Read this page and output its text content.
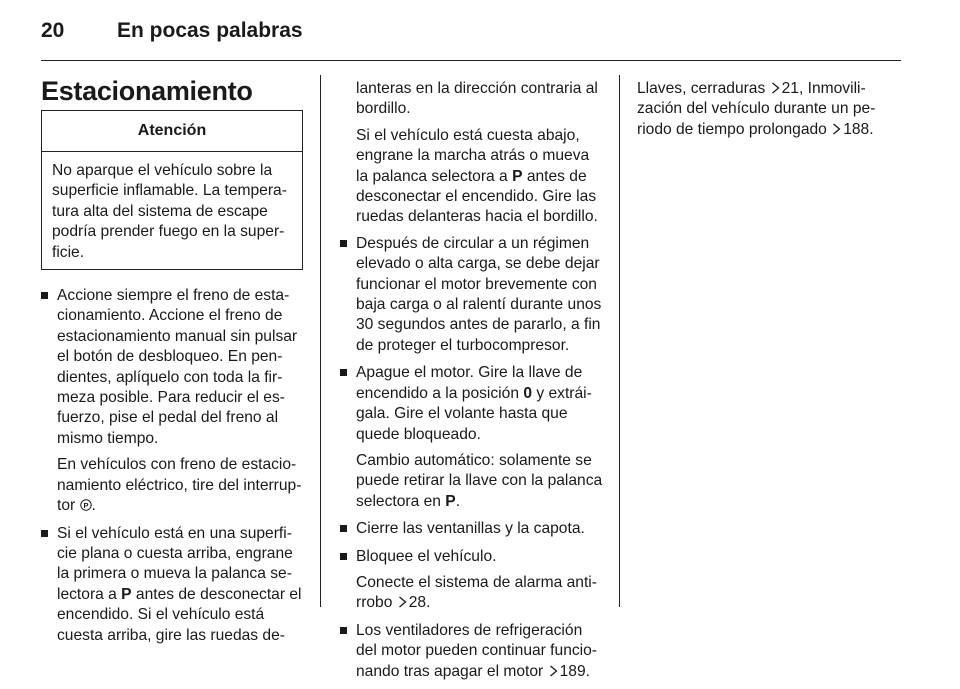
20	En pocas palabras
Estacionamiento
Atención

No aparque el vehículo sobre la superficie inflamable. La tempera-tura alta del sistema de escape podría prender fuego en la super-ficie.

Accione siempre el freno de esta-cionamiento. Accione el freno de estacionamiento manual sin pulsar el botón de desbloqueo. En pen-dientes, aplíquelo con toda la fir-meza posible. Para reducir el es-fuerzo, pise el pedal del freno al mismo tiempo.

En vehículos con freno de estacio-namiento eléctrico, tire del interrup-tor P .

Si el vehículo está en una superfi-cie plana o cuesta arriba, engrane la primera o mueva la palanca se-lectora a P antes de desconectar el encendido. Si el vehículo está cuesta arriba, gire las ruedas de-

lanteras en la dirección contraria al bordillo.

Si el vehículo está cuesta abajo, engrane la marcha atrás o mueva la palanca selectora a P antes de desconectar el encendido. Gire las ruedas delanteras hacia el bordillo.

Después de circular a un régimen elevado o alta carga, se debe dejar funcionar el motor brevemente con baja carga o al ralentí durante unos 30 segundos antes de pararlo, a fin de proteger el turbocompresor.

Apague el motor. Gire la llave de encendido a la posición 0 y extrái-gala. Gire el volante hasta que quede bloqueado.

Cambio automático: solamente se puede retirar la llave con la palanca selectora en P.

Cierre las ventanillas y la capota.

Bloquee el vehículo.

Conecte el sistema de alarma anti-rrobo 28.

Los ventiladores de refrigeración del motor pueden continuar funcio-nando tras apagar el motor 189.

Llaves, cerraduras 21, Inmovili-zación del vehículo durante un pe-riodo de tiempo prolongado 188.
